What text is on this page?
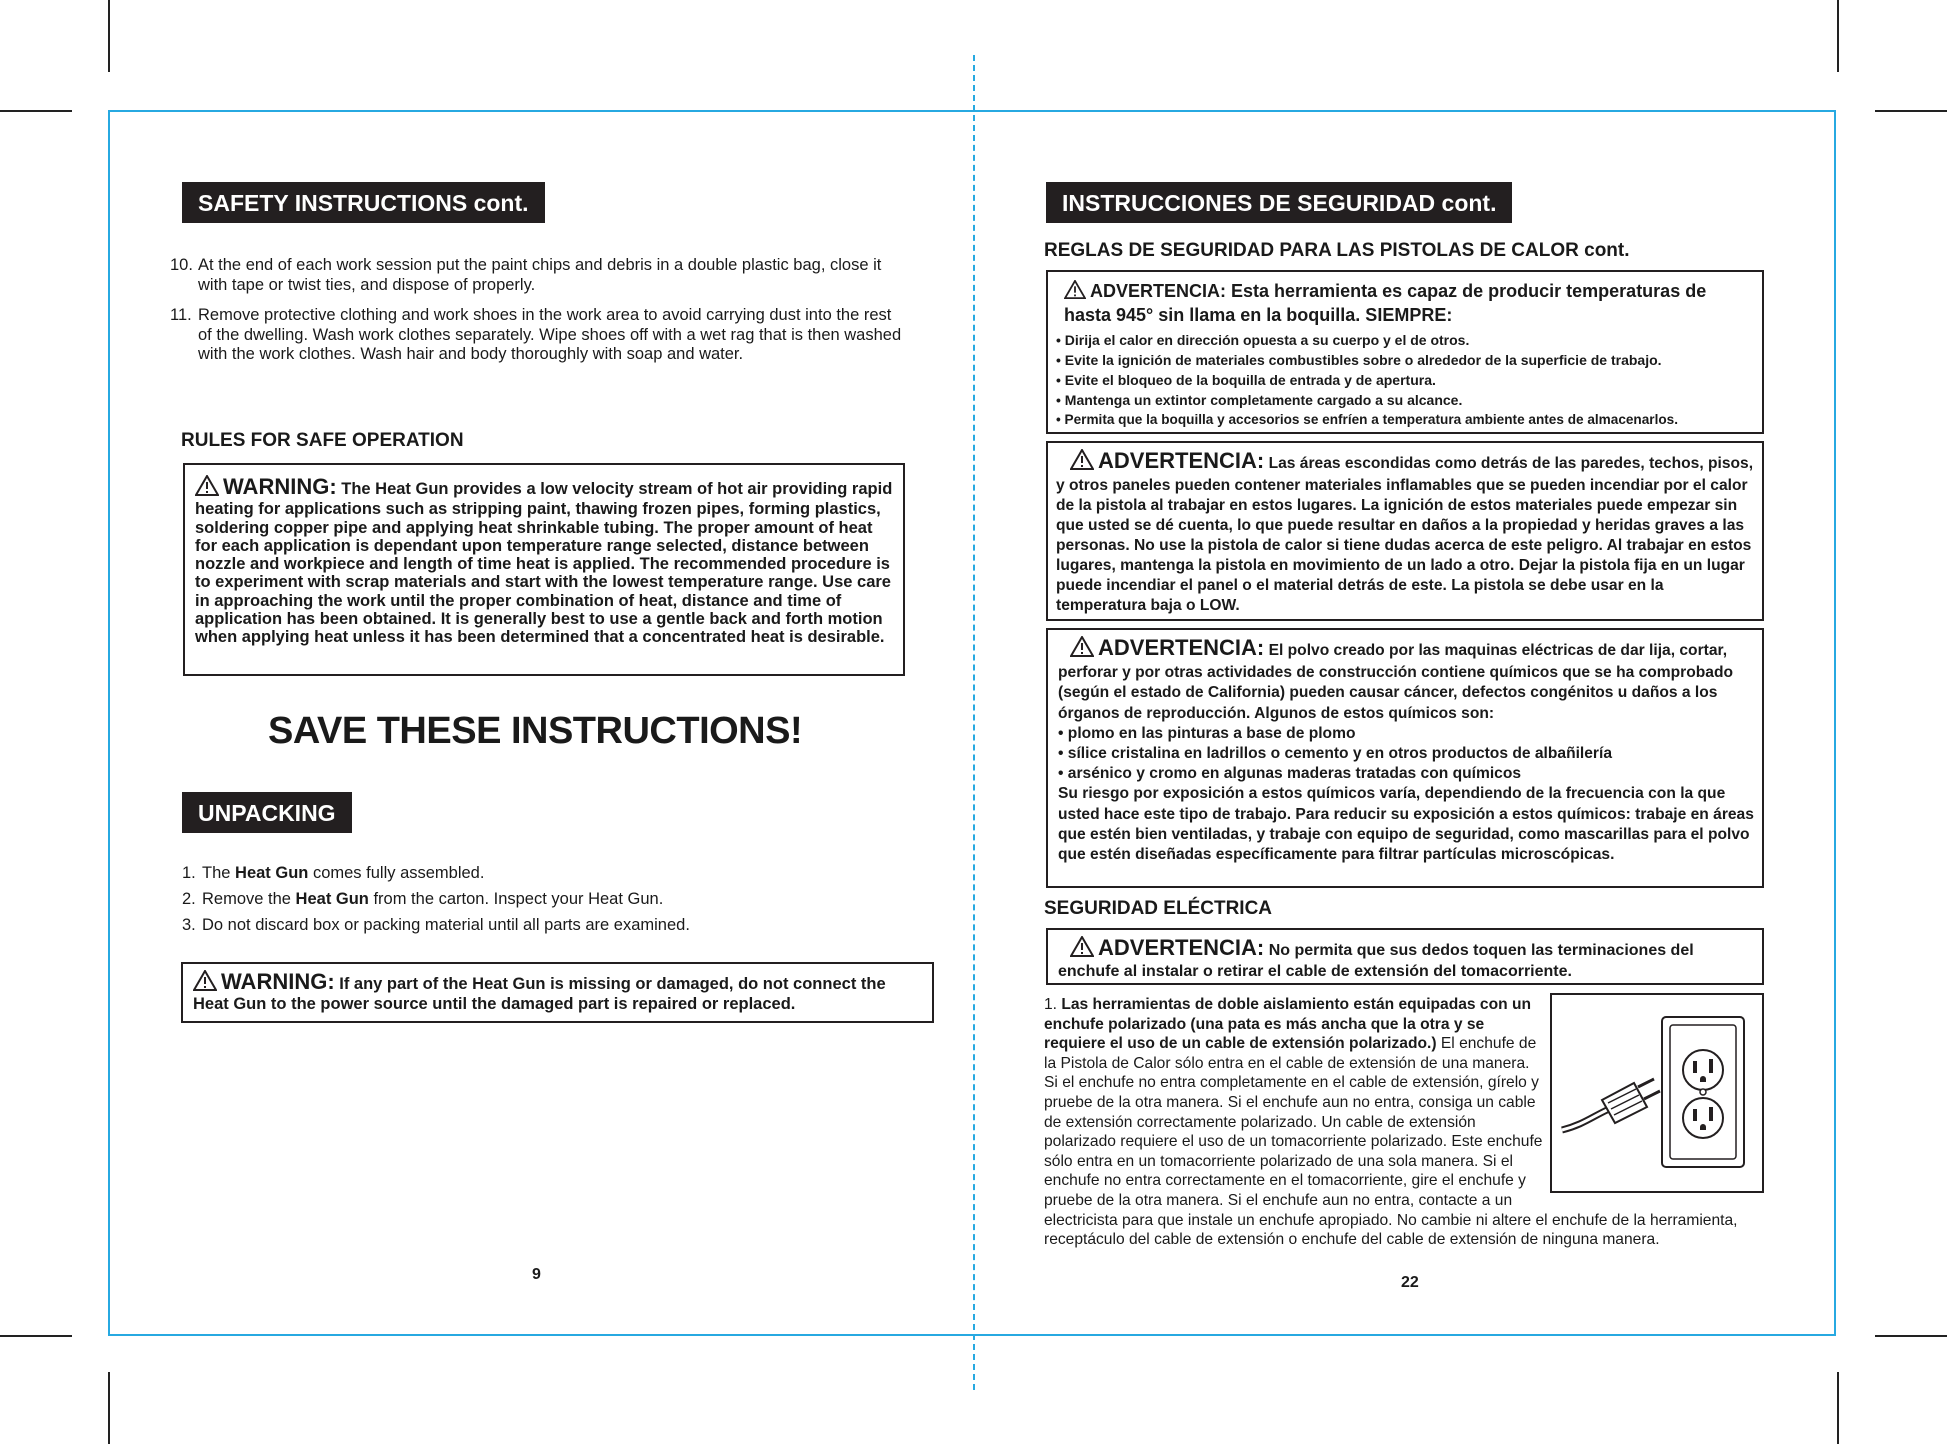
SAFETY INSTRUCTIONS cont.
10. At the end of each work session put the paint chips and debris in a double plastic bag, close it with tape or twist ties, and dispose of properly.
11. Remove protective clothing and work shoes in the work area to avoid carrying dust into the rest of the dwelling. Wash work clothes separately. Wipe shoes off with a wet rag that is then washed with the work clothes. Wash hair and body thoroughly with soap and water.
RULES FOR SAFE OPERATION
WARNING: The Heat Gun provides a low velocity stream of hot air providing rapid heating for applications such as stripping paint, thawing frozen pipes, forming plastics, soldering copper pipe and applying heat shrinkable tubing. The proper amount of heat for each application is dependant upon temperature range selected, distance between nozzle and workpiece and length of time heat is applied. The recommended procedure is to experiment with scrap materials and start with the lowest temperature range. Use care in approaching the work until the proper combination of heat, distance and time of application has been obtained. It is generally best to use a gentle back and forth motion when applying heat unless it has been determined that a concentrated heat is desirable.
SAVE THESE INSTRUCTIONS!
UNPACKING
1. The Heat Gun comes fully assembled.
2. Remove the Heat Gun from the carton. Inspect your Heat Gun.
3. Do not discard box or packing material until all parts are examined.
WARNING: If any part of the Heat Gun is missing or damaged, do not connect the Heat Gun to the power source until the damaged part is repaired or replaced.
9
INSTRUCCIONES DE SEGURIDAD cont.
REGLAS DE SEGURIDAD PARA LAS PISTOLAS DE CALOR cont.
ADVERTENCIA: Esta herramienta es capaz de producir temperaturas de hasta 945° sin llama en la boquilla. SIEMPRE:
• Dirija el calor en dirección opuesta a su cuerpo y el de otros.
• Evite la ignición de materiales combustibles sobre o alrededor de la superficie de trabajo.
• Evite el bloqueo de la boquilla de entrada y de apertura.
• Mantenga un extintor completamente cargado a su alcance.
• Permita que la boquilla y accesorios se enfríen a temperatura ambiente antes de almacenarlos.
ADVERTENCIA: Las áreas escondidas como detrás de las paredes, techos, pisos, y otros paneles pueden contener materiales inflamables que se pueden incendiar por el calor de la pistola al trabajar en estos lugares. La ignición de estos materiales puede empezar sin que usted se dé cuenta, lo que puede resultar en daños a la propiedad y heridas graves a las personas. No use la pistola de calor si tiene dudas acerca de este peligro. Al trabajar en estos lugares, mantenga la pistola en movimiento de un lado a otro. Dejar la pistola fija en un lugar puede incendiar el panel o el material detrás de este. La pistola se debe usar en la temperatura baja o LOW.
ADVERTENCIA: El polvo creado por las maquinas eléctricas de dar lija, cortar, perforar y por otras actividades de construcción contiene químicos que se ha comprobado (según el estado de California) pueden causar cáncer, defectos congénitos u daños a los órganos de reproducción. Algunos de estos químicos son:
• plomo en las pinturas a base de plomo
• sílice cristalina en ladrillos o cemento y en otros productos de albañilería
• arsénico y cromo en algunas maderas tratadas con químicos
Su riesgo por exposición a estos químicos varía, dependiendo de la frecuencia con la que usted hace este tipo de trabajo. Para reducir su exposición a estos químicos: trabaje en áreas que estén bien ventiladas, y trabaje con equipo de seguridad, como mascarillas para el polvo que estén diseñadas específicamente para filtrar partículas microscópicas.
SEGURIDAD ELÉCTRICA
ADVERTENCIA: No permita que sus dedos toquen las terminaciones del enchufe al instalar o retirar el cable de extensión del tomacorriente.
1. Las herramientas de doble aislamiento están equipadas con un enchufe polarizado (una pata es más ancha que la otra y se requiere el uso de un cable de extensión polarizado.) El enchufe de la Pistola de Calor sólo entra en el cable de extensión de una manera. Si el enchufe no entra completamente en el cable de extensión, gírelo y pruebe de la otra manera. Si el enchufe aun no entra, consiga un cable de extensión correctamente polarizado. Un cable de extensión polarizado requiere el uso de un tomacorriente polarizado. Este enchufe sólo entra en un tomacorriente polarizado de una sola manera. Si el enchufe no entra correctamente en el tomacorriente, gire el enchufe y pruebe de la otra manera. Si el enchufe aun no entra, contacte a un electricista para que instale un enchufe apropiado. No cambie ni altere el enchufe de la herramienta, receptáculo del cable de extensión o enchufe del cable de extensión de ninguna manera.
22
